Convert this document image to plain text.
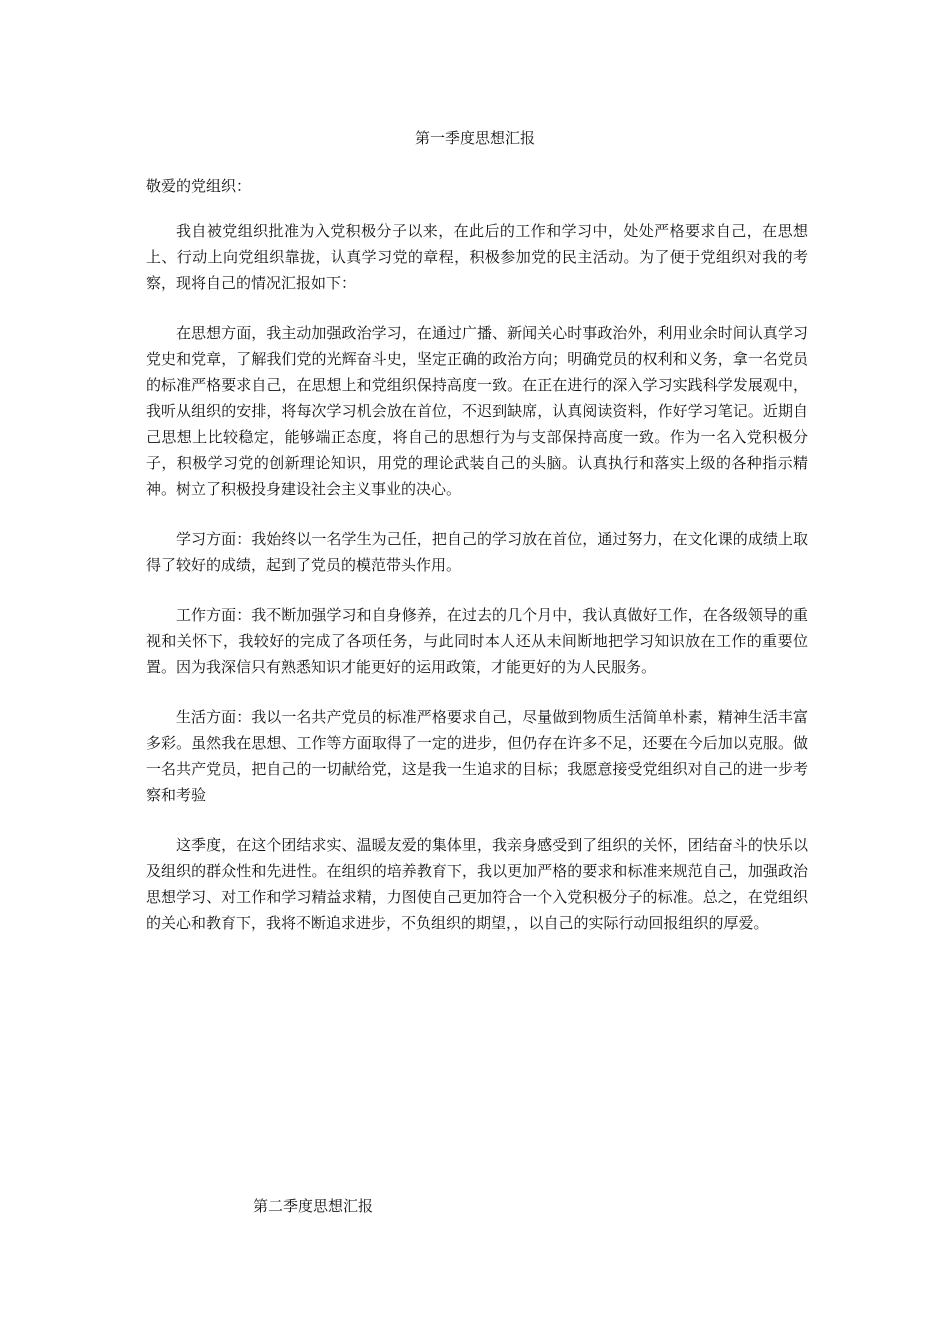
第一季度思想汇报
敬爱的党组织：

我自被党组织批准为入党积极分子以来，在此后的工作和学习中，处处严格要求自己，在思想上、行动上向党组织靠拢，认真学习党的章程，积极参加党的民主活动。为了便于党组织对我的考察，现将自己的情况汇报如下：

在思想方面，我主动加强政治学习，在通过广播、新闻关心时事政治外，利用业余时间认真学习党史和党章，了解我们党的光辉奋斗史，坚定正确的政治方向；明确党员的权利和义务，拿一名党员的标准严格要求自己，在思想上和党组织保持高度一致。在正在进行的深入学习实践科学发展观中，我听从组织的安排，将每次学习机会放在首位，不迟到缺席，认真阅读资料，作好学习笔记。近期自己思想上比较稳定，能够端正态度，将自己的思想行为与支部保持高度一致。作为一名入党积极分子，积极学习党的创新理论知识，用党的理论武装自己的头脑。认真执行和落实上级的各种指示精神。树立了积极投身建设社会主义事业的决心。

学习方面：我始终以一名学生为己任，把自己的学习放在首位，通过努力，在文化课的成绩上取得了较好的成绩，起到了党员的模范带头作用。

工作方面：我不断加强学习和自身修养，在过去的几个月中，我认真做好工作，在各级领导的重视和关怀下，我较好的完成了各项任务，与此同时本人还从未间断地把学习知识放在工作的重要位置。因为我深信只有熟悉知识才能更好的运用政策，才能更好的为人民服务。

生活方面：我以一名共产党员的标准严格要求自己，尽量做到物质生活简单朴素，精神生活丰富多彩。虽然我在思想、工作等方面取得了一定的进步，但仍存在许多不足，还要在今后加以克服。做一名共产党员，把自己的一切献给党，这是我一生追求的目标；我愿意接受党组织对自己的进一步考察和考验

这季度，在这个团结求实、温暖友爱的集体里，我亲身感受到了组织的关怀，团结奋斗的快乐以及组织的群众性和先进性。在组织的培养教育下，我以更加严格的要求和标准来规范自己，加强政治思想学习、对工作和学习精益求精，力图使自己更加符合一个入党积极分子的标准。总之，在党组织的关心和教育下，我将不断追求进步，不负组织的期望，，以自己的实际行动回报组织的厚爱。

第二季度思想汇报
